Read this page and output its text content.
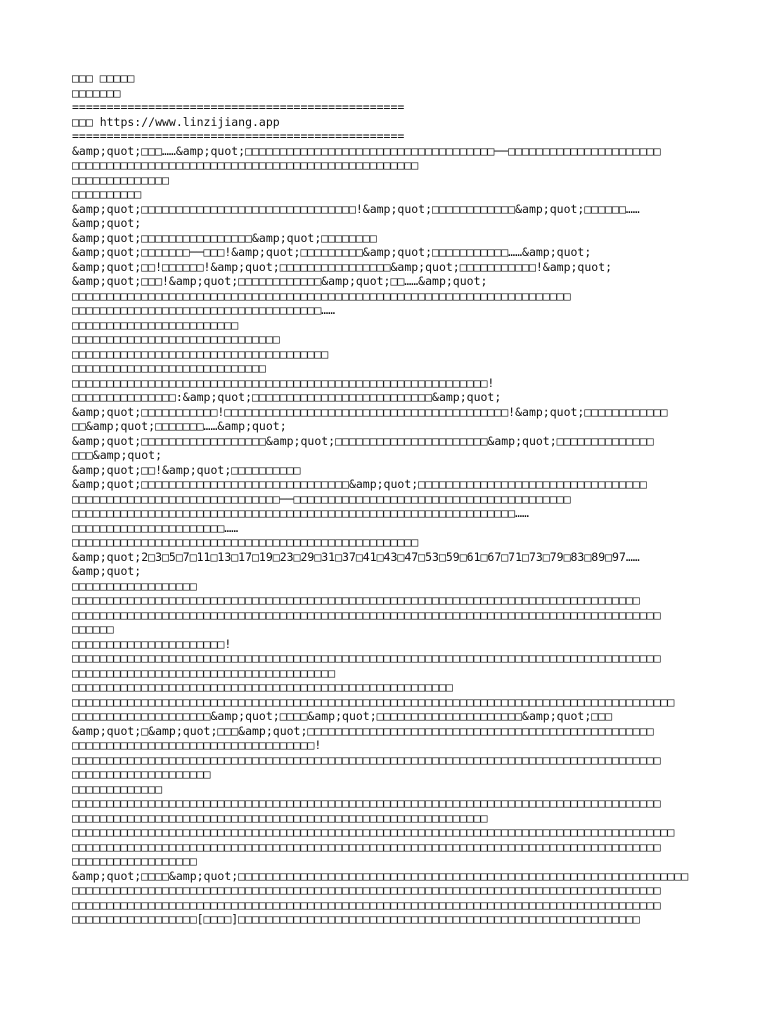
□□□ □□□□□
□□□□□□□
================================================
□□□ https://www.linzijiang.app
================================================
&amp;quot;□□□……&amp;quot;□□□□□□□□□□□□□□□□□□□□□□□□□□□□□□□□□□□□──□□□□□□□□□□□□□□□□□□□□□□
□□□□□□□□□□□□□□□□□□□□□□□□□□□□□□□□□□□□□□□□□□□□□□□□□□
□□□□□□□□□□□□□□
□□□□□□□□□□
&amp;quot;□□□□□□□□□□□□□□□□□□□□□□□□□□□□□□□!&amp;quot;□□□□□□□□□□□□&amp;quot;□□□□□□……
&amp;quot;
&amp;quot;□□□□□□□□□□□□□□□□&amp;quot;□□□□□□□□
&amp;quot;□□□□□□□──□□□!&amp;quot;□□□□□□□□□&amp;quot;□□□□□□□□□□□……&amp;quot;
&amp;quot;□□!□□□□□□!&amp;quot;□□□□□□□□□□□□□□□□&amp;quot;□□□□□□□□□□□!&amp;quot;
&amp;quot;□□□!&amp;quot;□□□□□□□□□□□□&amp;quot;□□……&amp;quot;
□□□□□□□□□□□□□□□□□□□□□□□□□□□□□□□□□□□□□□□□□□□□□□□□□□□□□□□□□□□□□□□□□□□□□□□□
□□□□□□□□□□□□□□□□□□□□□□□□□□□□□□□□□□□□……
□□□□□□□□□□□□□□□□□□□□□□□□
□□□□□□□□□□□□□□□□□□□□□□□□□□□□□□
□□□□□□□□□□□□□□□□□□□□□□□□□□□□□□□□□□□□□
□□□□□□□□□□□□□□□□□□□□□□□□□□□□
□□□□□□□□□□□□□□□□□□□□□□□□□□□□□□□□□□□□□□□□□□□□□□□□□□□□□□□□□□□□!
□□□□□□□□□□□□□□□:&amp;quot;□□□□□□□□□□□□□□□□□□□□□□□□□□&amp;quot;
&amp;quot;□□□□□□□□□□□!□□□□□□□□□□□□□□□□□□□□□□□□□□□□□□□□□□□□□□□□□!&amp;quot;□□□□□□□□□□□□
□□&amp;quot;□□□□□□□……&amp;quot;
&amp;quot;□□□□□□□□□□□□□□□□□□&amp;quot;□□□□□□□□□□□□□□□□□□□□□□&amp;quot;□□□□□□□□□□□□□□
□□□&amp;quot;
&amp;quot;□□!&amp;quot;□□□□□□□□□□
&amp;quot;□□□□□□□□□□□□□□□□□□□□□□□□□□□□□□&amp;quot;□□□□□□□□□□□□□□□□□□□□□□□□□□□□□□□□□
□□□□□□□□□□□□□□□□□□□□□□□□□□□□□□──□□□□□□□□□□□□□□□□□□□□□□□□□□□□□□□□□□□□□□□□
□□□□□□□□□□□□□□□□□□□□□□□□□□□□□□□□□□□□□□□□□□□□□□□□□□□□□□□□□□□□□□□□……
□□□□□□□□□□□□□□□□□□□□□□……
□□□□□□□□□□□□□□□□□□□□□□□□□□□□□□□□□□□□□□□□□□□□□□□□□□
&amp;quot;2□3□5□7□11□13□17□19□23□29□31□37□41□43□47□53□59□61□67□71□73□79□83□89□97……
&amp;quot;
□□□□□□□□□□□□□□□□□□
□□□□□□□□□□□□□□□□□□□□□□□□□□□□□□□□□□□□□□□□□□□□□□□□□□□□□□□□□□□□□□□□□□□□□□□□□□□□□□□□□□
□□□□□□□□□□□□□□□□□□□□□□□□□□□□□□□□□□□□□□□□□□□□□□□□□□□□□□□□□□□□□□□□□□□□□□□□□□□□□□□□□□□□□
□□□□□□
□□□□□□□□□□□□□□□□□□□□□□!
□□□□□□□□□□□□□□□□□□□□□□□□□□□□□□□□□□□□□□□□□□□□□□□□□□□□□□□□□□□□□□□□□□□□□□□□□□□□□□□□□□□□□
□□□□□□□□□□□□□□□□□□□□□□□□□□□□□□□□□□□□□□
□□□□□□□□□□□□□□□□□□□□□□□□□□□□□□□□□□□□□□□□□□□□□□□□□□□□□□□
□□□□□□□□□□□□□□□□□□□□□□□□□□□□□□□□□□□□□□□□□□□□□□□□□□□□□□□□□□□□□□□□□□□□□□□□□□□□□□□□□□□□□□□
□□□□□□□□□□□□□□□□□□□□&amp;quot;□□□□&amp;quot;□□□□□□□□□□□□□□□□□□□□□&amp;quot;□□□
&amp;quot;□&amp;quot;□□□&amp;quot;□□□□□□□□□□□□□□□□□□□□□□□□□□□□□□□□□□□□□□□□□□□□□□□□□□
□□□□□□□□□□□□□□□□□□□□□□□□□□□□□□□□□□□!
□□□□□□□□□□□□□□□□□□□□□□□□□□□□□□□□□□□□□□□□□□□□□□□□□□□□□□□□□□□□□□□□□□□□□□□□□□□□□□□□□□□□□
□□□□□□□□□□□□□□□□□□□□
□□□□□□□□□□□□□
□□□□□□□□□□□□□□□□□□□□□□□□□□□□□□□□□□□□□□□□□□□□□□□□□□□□□□□□□□□□□□□□□□□□□□□□□□□□□□□□□□□□□
□□□□□□□□□□□□□□□□□□□□□□□□□□□□□□□□□□□□□□□□□□□□□□□□□□□□□□□□□□□□
□□□□□□□□□□□□□□□□□□□□□□□□□□□□□□□□□□□□□□□□□□□□□□□□□□□□□□□□□□□□□□□□□□□□□□□□□□□□□□□□□□□□□□□
□□□□□□□□□□□□□□□□□□□□□□□□□□□□□□□□□□□□□□□□□□□□□□□□□□□□□□□□□□□□□□□□□□□□□□□□□□□□□□□□□□□□□
□□□□□□□□□□□□□□□□□□
&amp;quot;□□□□&amp;quot;□□□□□□□□□□□□□□□□□□□□□□□□□□□□□□□□□□□□□□□□□□□□□□□□□□□□□□□□□□□□□□□□□
□□□□□□□□□□□□□□□□□□□□□□□□□□□□□□□□□□□□□□□□□□□□□□□□□□□□□□□□□□□□□□□□□□□□□□□□□□□□□□□□□□□□□
□□□□□□□□□□□□□□□□□□□□□□□□□□□□□□□□□□□□□□□□□□□□□□□□□□□□□□□□□□□□□□□□□□□□□□□□□□□□□□□□□□□□□
□□□□□□□□□□□□□□□□□□[□□□□]□□□□□□□□□□□□□□□□□□□□□□□□□□□□□□□□□□□□□□□□□□□□□□□□□□□□□□□□□□
